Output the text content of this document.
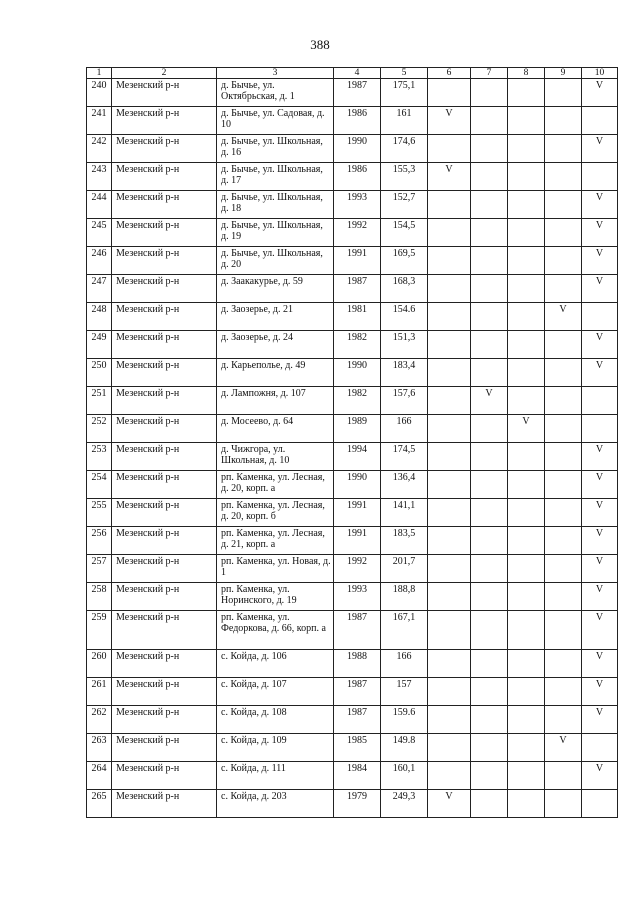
388
1	2	3	4	5	6	7	8	9	10
240	Мезенский р-н	д. Бычье, ул. Октябрьская, д. 1	1987	175,1					V
241	Мезенский р-н	д. Бычье, ул. Садовая, д. 10	1986	161	V				
242	Мезенский р-н	д. Бычье, ул. Школьная, д. 16	1990	174,6					V
243	Мезенский р-н	д. Бычье, ул. Школьная, д. 17	1986	155,3	V				
244	Мезенский р-н	д. Бычье, ул. Школьная, д. 18	1993	152,7					V
245	Мезенский р-н	д. Бычье, ул. Школьная, д. 19	1992	154,5					V
246	Мезенский р-н	д. Бычье, ул. Школьная, д. 20	1991	169,5					V
247	Мезенский р-н	д. Заакакурье, д. 59	1987	168,3					V
248	Мезенский р-н	д. Заозерье, д. 21	1981	154.6				V	
249	Мезенский р-н	д. Заозерье, д. 24	1982	151,3					V
250	Мезенский р-н	д. Карьеполье, д. 49	1990	183,4					V
251	Мезенский р-н	д. Лампожня, д. 107	1982	157,6		V			
252	Мезенский р-н	д. Мосеево, д. 64	1989	166			V		
253	Мезенский р-н	д. Чижгора, ул. Школьная, д. 10	1994	174,5					V
254	Мезенский р-н	рп. Каменка, ул. Лесная, д. 20, корп. а	1990	136,4					V
255	Мезенский р-н	рп. Каменка, ул. Лесная, д. 20, корп. б	1991	141,1					V
256	Мезенский р-н	рп. Каменка, ул. Лесная, д. 21, корп. а	1991	183,5					V
257	Мезенский р-н	рп. Каменка, ул. Новая, д. 1	1992	201,7					V
258	Мезенский р-н	рп. Каменка, ул. Норинского, д. 19	1993	188,8					V
259	Мезенский р-н	рп. Каменка, ул. Федоркова, д. 66, корп. а	1987	167,1					V
260	Мезенский р-н	с. Койда, д. 106	1988	166					V
261	Мезенский р-н	с. Койда, д. 107	1987	157					V
262	Мезенский р-н	с. Койда, д. 108	1987	159.6					V
263	Мезенский р-н	с. Койда, д. 109	1985	149.8				V	
264	Мезенский р-н	с. Койда, д. 111	1984	160,1					V
265	Мезенский р-н	с. Койда, д. 203	1979	249,3	V				
